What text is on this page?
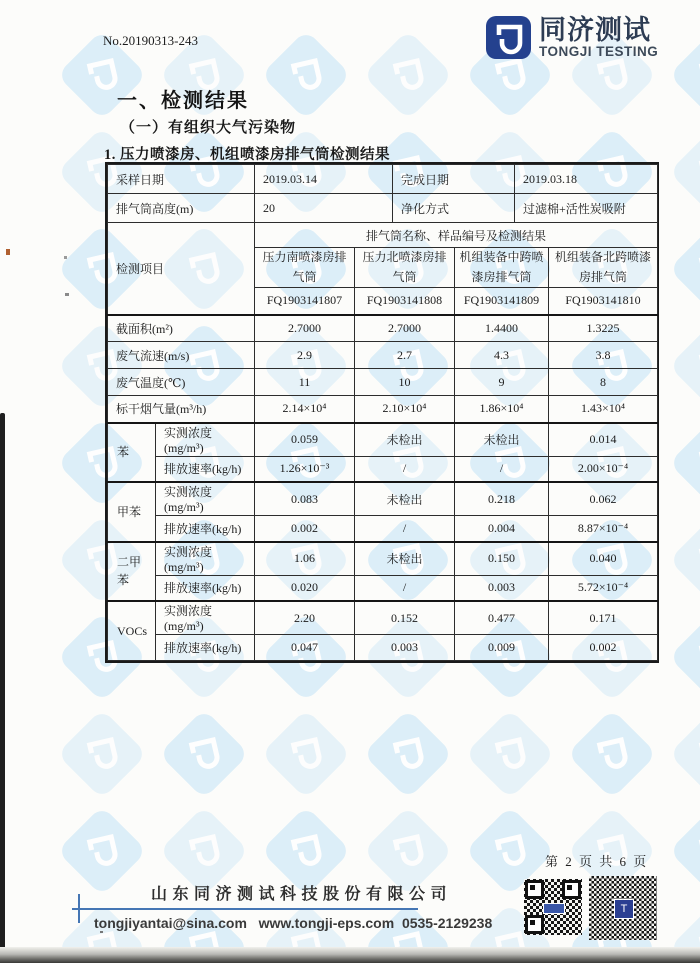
No.20190313-243	同济测试
TONGJI TESTING
一、检测结果
（一）有组织大气污染物
1. 压力喷漆房、机组喷漆房排气筒检测结果
采样日期	2019.03.14	完成日期	2019.03.18
排气筒高度(m)	20	净化方式	过滤棉+活性炭吸附
检测项目		排气筒名称、样品编号及检测结果			
		压力南喷漆房排气筒	压力北喷漆房排气筒	机组装备中跨喷漆房排气筒	机组装备北跨喷漆房排气筒
		FQ1903141807	FQ1903141808	FQ1903141809	FQ1903141810
截面积(m²)		2.7000	2.7000	1.4400	1.3225
废气流速(m/s)		2.9	2.7	4.3	3.8
废气温度(℃)		11	10	9	8
标干烟气量(m³/h)		2.14×10⁴	2.10×10⁴	1.86×10⁴	1.43×10⁴
苯	实测浓度(mg/m³)	0.059	未检出	未检出	0.014
	排放速率(kg/h)	1.26×10⁻³	/	/	2.00×10⁻⁴
甲苯	实测浓度(mg/m³)	0.083	未检出	0.218	0.062
	排放速率(kg/h)	0.002	/	0.004	8.87×10⁻⁴
二甲苯	实测浓度(mg/m³)	1.06	未检出	0.150	0.040
	排放速率(kg/h)	0.020	/	0.003	5.72×10⁻⁴
VOCs	实测浓度(mg/m³)	2.20	0.152	0.477	0.171
	排放速率(kg/h)	0.047	0.003	0.009	0.002
第 2 页 共 6 页
山东同济测试科技股份有限公司
tongjiyantai@sina.com   www.tongji-eps.com  0535-2129238
T
